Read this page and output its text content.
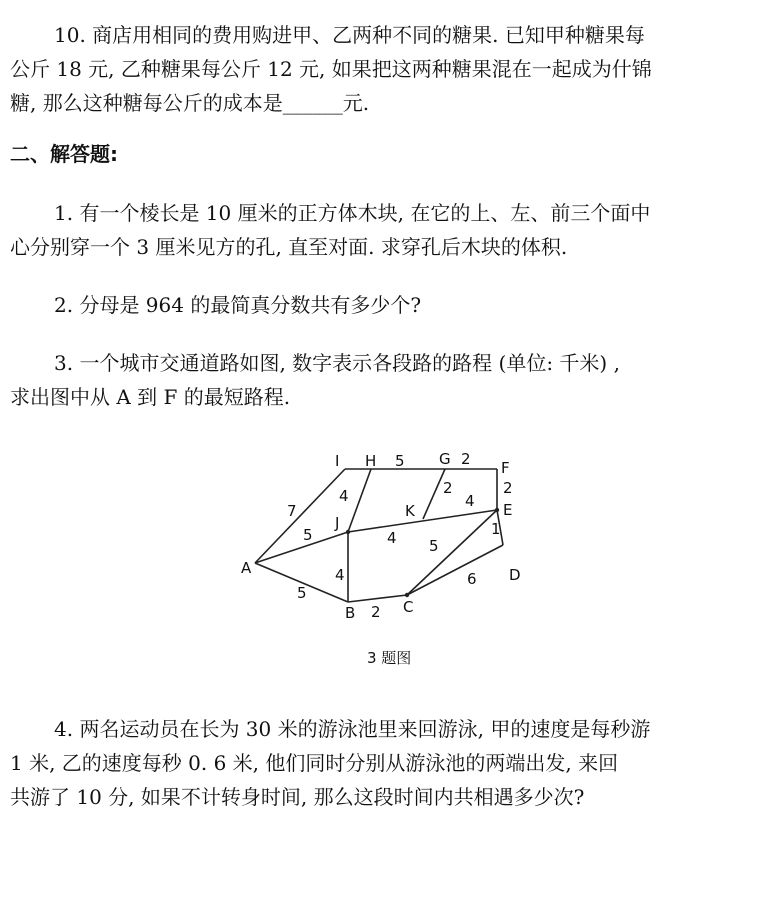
10. 商店用相同的费用购进甲、乙两种不同的糖果. 已知甲种糖果每
公斤 18 元, 乙种糖果每公斤 12 元, 如果把这两种糖果混在一起成为什锦
糖, 那么这种糖每公斤的成本是______元.
二、解答题:
1. 有一个棱长是 10 厘米的正方体木块, 在它的上、左、前三个面中
心分别穿一个 3 厘米见方的孔, 直至对面. 求穿孔后木块的体积.
2. 分母是 964 的最简真分数共有多少个?
3. 一个城市交通道路如图, 数字表示各段路的路程 (单位: 千米) ,
求出图中从 A 到 F 的最短路程.
I H	G	F
K
J
E
A	D
B	C
5	2
2
4
7
2
4
5	4 5
1
4	6
5
2
3 题图
4. 两名运动员在长为 30 米的游泳池里来回游泳, 甲的速度是每秒游
1 米, 乙的速度每秒 0. 6 米, 他们同时分别从游泳池的两端出发, 来回
共游了 10 分, 如果不计转身时间, 那么这段时间内共相遇多少次?
